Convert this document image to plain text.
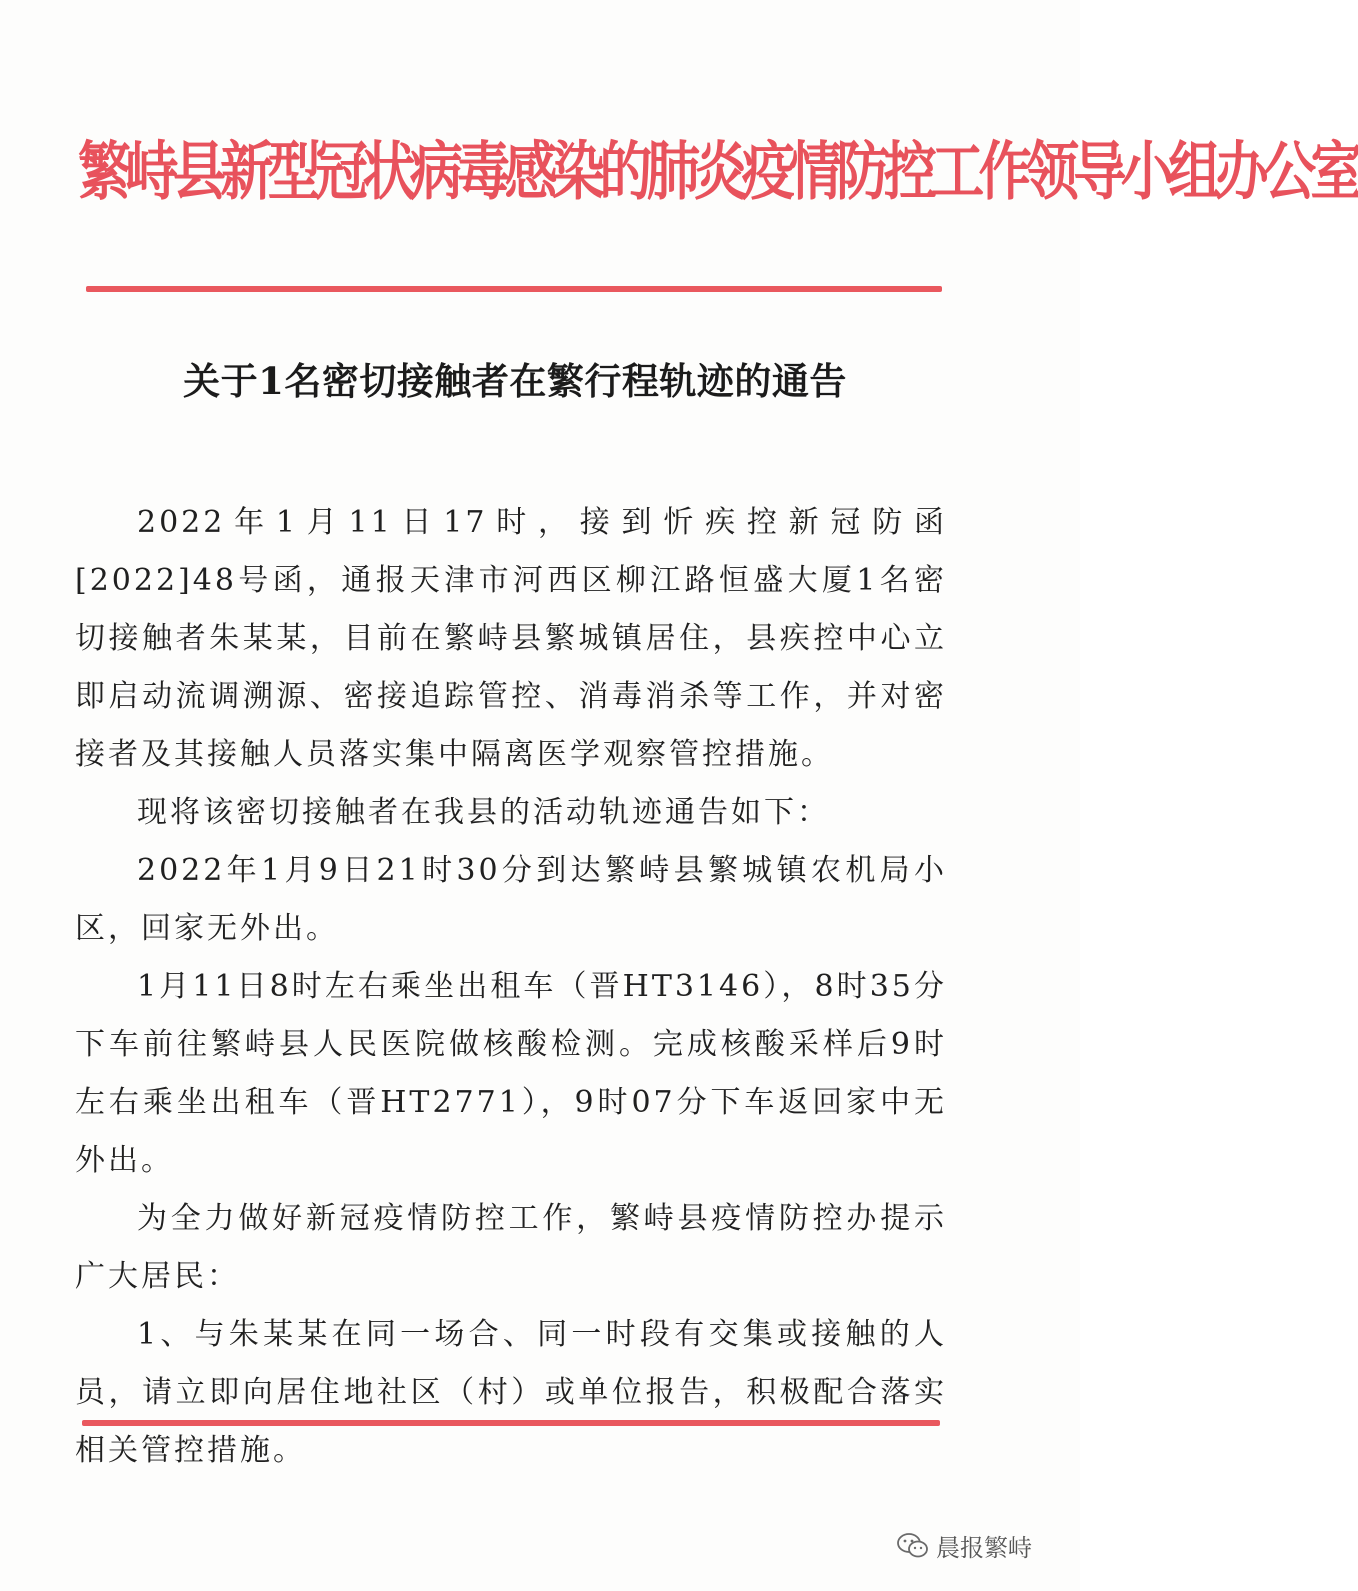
繁峙县新型冠状病毒感染的肺炎疫情防控工作领导小组办公室
关于1名密切接触者在繁行程轨迹的通告

2022年1月11日17时，接到忻疾控新冠防函[2022]48号函，通报天津市河西区柳江路恒盛大厦1名密切接触者朱某某，目前在繁峙县繁城镇居住，县疾控中心立即启动流调溯源、密接追踪管控、消毒消杀等工作，并对密接者及其接触人员落实集中隔离医学观察管控措施。

现将该密切接触者在我县的活动轨迹通告如下：

2022年1月9日21时30分到达繁峙县繁城镇农机局小区，回家无外出。

1月11日8时左右乘坐出租车（晋HT3146），8时35分下车前往繁峙县人民医院做核酸检测。完成核酸采样后9时左右乘坐出租车（晋HT2771），9时07分下车返回家中无外出。

为全力做好新冠疫情防控工作，繁峙县疫情防控办提示广大居民：

1、与朱某某在同一场合、同一时段有交集或接触的人员，请立即向居住地社区（村）或单位报告，积极配合落实相关管控措施。

晨报繁峙
